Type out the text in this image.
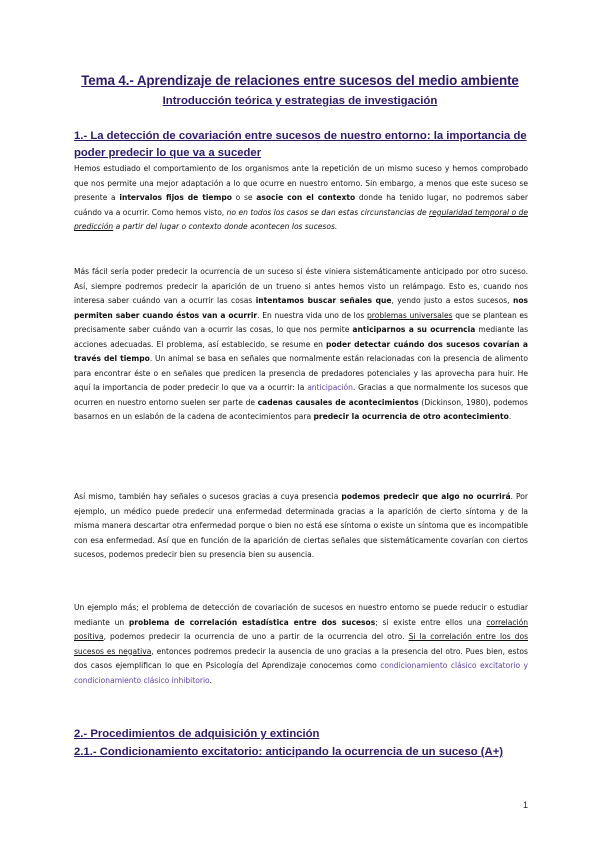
Tema 4.- Aprendizaje de relaciones entre sucesos del medio ambiente
Introducción teórica y estrategias de investigación
1.- La detección de covariación entre sucesos de nuestro entorno: la importancia de poder predecir lo que va a suceder
Hemos estudiado el comportamiento de los organismos ante la repetición de un mismo suceso y hemos comprobado que nos permite una mejor adaptación a lo que ocurre en nuestro entorno. Sin embargo, a menos que este suceso se presente a intervalos fijos de tiempo o se asocie con el contexto donde ha tenido lugar, no podremos saber cuándo va a ocurrir. Como hemos visto, no en todos los casos se dan estas circunstancias de regularidad temporal o de predicción a partir del lugar o contexto donde acontecen los sucesos.
Más fácil sería poder predecir la ocurrencia de un suceso si éste viniera sistemáticamente anticipado por otro suceso. Así, siempre podremos predecir la aparición de un trueno si antes hemos visto un relámpago. Esto es, cuando nos interesa saber cuándo van a ocurrir las cosas intentamos buscar señales que, yendo justo a estos sucesos, nos permiten saber cuando éstos van a ocurrir. En nuestra vida uno de los problemas universales que se plantean es precisamente saber cuándo van a ocurrir las cosas, lo que nos permite anticiparnos a su ocurrencia mediante las acciones adecuadas. El problema, así establecido, se resume en poder detectar cuándo dos sucesos covarían a través del tiempo. Un animal se basa en señales que normalmente están relacionadas con la presencia de alimento para encontrar éste o en señales que predicen la presencia de predadores potenciales y las aprovecha para huir. He aquí la importancia de poder predecir lo que va a ocurrir: la anticipación. Gracias a que normalmente los sucesos que ocurren en nuestro entorno suelen ser parte de cadenas causales de acontecimientos (Dickinson, 1980), podemos basarnos en un eslabón de la cadena de acontecimientos para predecir la ocurrencia de otro acontecimiento.
Así mismo, también hay señales o sucesos gracias a cuya presencia podemos predecir que algo no ocurrirá. Por ejemplo, un médico puede predecir una enfermedad determinada gracias a la aparición de cierto síntoma y de la misma manera descartar otra enfermedad porque o bien no está ese síntoma o existe un síntoma que es incompatible con esa enfermedad. Así que en función de la aparición de ciertas señales que sistemáticamente covarían con ciertos sucesos, podemos predecir bien su presencia bien su ausencia.
Un ejemplo más; el problema de detección de covariación de sucesos en nuestro entorno se puede reducir o estudiar mediante un problema de correlación estadística entre dos sucesos; si existe entre ellos una correlación positiva, podemos predecir la ocurrencia de uno a partir de la ocurrencia del otro. Si la correlación entre los dos sucesos es negativa, entonces podremos predecir la ausencia de uno gracias a la presencia del otro. Pues bien, estos dos casos ejemplifican lo que en Psicología del Aprendizaje conocemos como condicionamiento clásico excitatorio y condicionamiento clásico inhibitorio.
2.- Procedimientos de adquisición y extinción
2.1.- Condicionamiento excitatorio: anticipando la ocurrencia de un suceso (A+)
1
